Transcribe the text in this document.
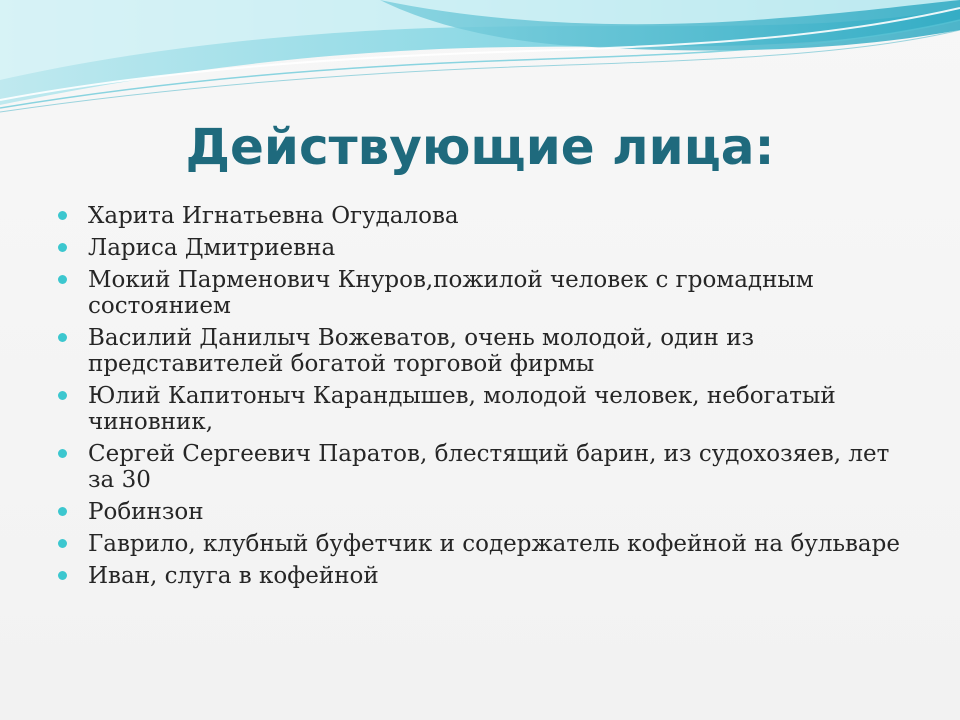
Действующие лица:
Харита Игнатьевна Огудалова
Лариса Дмитриевна
Мокий Парменович Кнуров,пожилой человек с громадным состоянием
Василий Данилыч Вожеватов, очень молодой, один из представителей богатой торговой фирмы
Юлий Капитоныч Карандышев, молодой человек, небогатый чиновник,
Сергей Сергеевич Паратов, блестящий барин, из судохозяев, лет за 30
Робинзон
Гаврило, клубный буфетчик и содержатель кофейной на бульваре
Иван, слуга в кофейной
